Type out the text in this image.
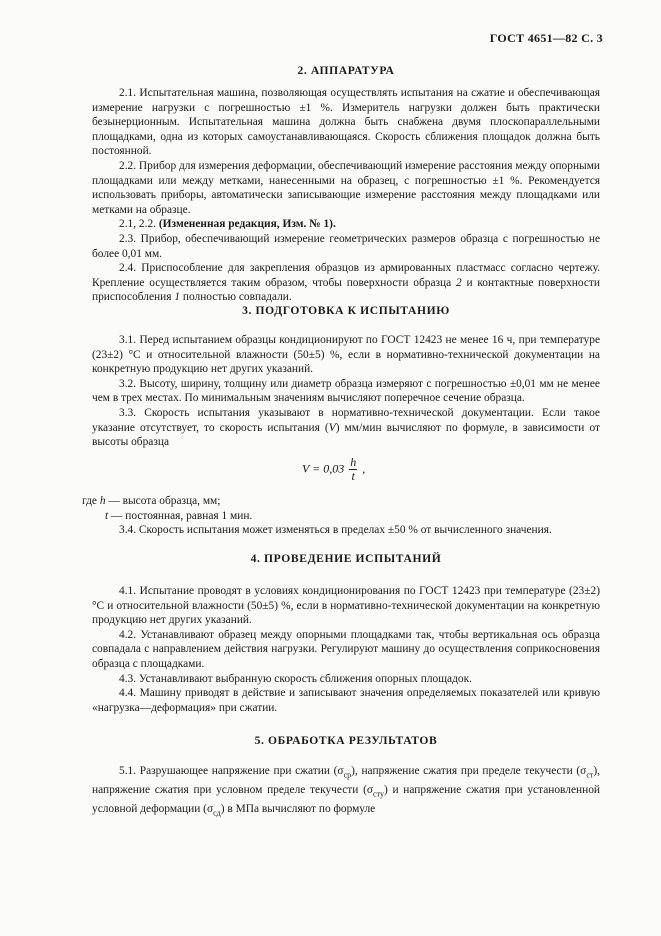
ГОСТ 4651—82 С. 3
2. АППАРАТУРА

2.1. Испытательная машина, позволяющая осуществлять испытания на сжатие и обеспечивающая измерение нагрузки с погрешностью ±1 %. Измеритель нагрузки должен быть практически безынерционным. Испытательная машина должна быть снабжена двумя плоскопараллельными площадками, одна из которых самоустанавливающаяся. Скорость сближения площадок должна быть постоянной.

2.2. Прибор для измерения деформации, обеспечивающий измерение расстояния между опорными площадками или между метками, нанесенными на образец, с погрешностью ±1 %. Рекомендуется использовать приборы, автоматически записывающие измерение расстояния между площадками или метками на образце.

2.1, 2.2. (Измененная редакция, Изм. № 1).

2.3. Прибор, обеспечивающий измерение геометрических размеров образца с погрешностью не более 0,01 мм.

2.4. Приспособление для закрепления образцов из армированных пластмасс согласно чертежу. Крепление осуществляется таким образом, чтобы поверхности образца 2 и контактные поверхности приспособления 1 полностью совпадали.

3. ПОДГОТОВКА К ИСПЫТАНИЮ

3.1. Перед испытанием образцы кондиционируют по ГОСТ 12423 не менее 16 ч, при температуре (23±2) °С и относительной влажности (50±5) %, если в нормативно-технической документации на конкретную продукцию нет других указаний.

3.2. Высоту, ширину, толщину или диаметр образца измеряют с погрешностью ±0,01 мм не менее чем в трех местах. По минимальным значениям вычисляют поперечное сечение образца.

3.3. Скорость испытания указывают в нормативно-технической документации. Если такое указание отсутствует, то скорость испытания (V) мм/мин вычисляют по формуле, в зависимости от высоты образца

$V = 0,03 \frac{h}{t}$ ,

где h — высота образца, мм;

t — постоянная, равная 1 мин.

3.4. Скорость испытания может изменяться в пределах ±50 % от вычисленного значения.

4. ПРОВЕДЕНИЕ ИСПЫТАНИЙ

4.1. Испытание проводят в условиях кондиционирования по ГОСТ 12423 при температуре (23±2) °С и относительной влажности (50±5) %, если в нормативно-технической документации на конкретную продукцию нет других указаний.

4.2. Устанавливают образец между опорными площадками так, чтобы вертикальная ось образца совпадала с направлением действия нагрузки. Регулируют машину до осуществления соприкосновения образца с площадками.

4.3. Устанавливают выбранную скорость сближения опорных площадок.

4.4. Машину приводят в действие и записывают значения определяемых показателей или кривую «нагрузка—деформация» при сжатии.

5. ОБРАБОТКА РЕЗУЛЬТАТОВ

5.1. Разрушающее напряжение при сжатии $(\sigma_{ср})$, напряжение сжатия при пределе текучести $(\sigma_{ст})$, напряжение сжатия при условном пределе текучести $(\sigma_{сту})$ и напряжение сжатия при установленной условной деформации $(\sigma_{сд})$ в МПа вычисляют по формуле
